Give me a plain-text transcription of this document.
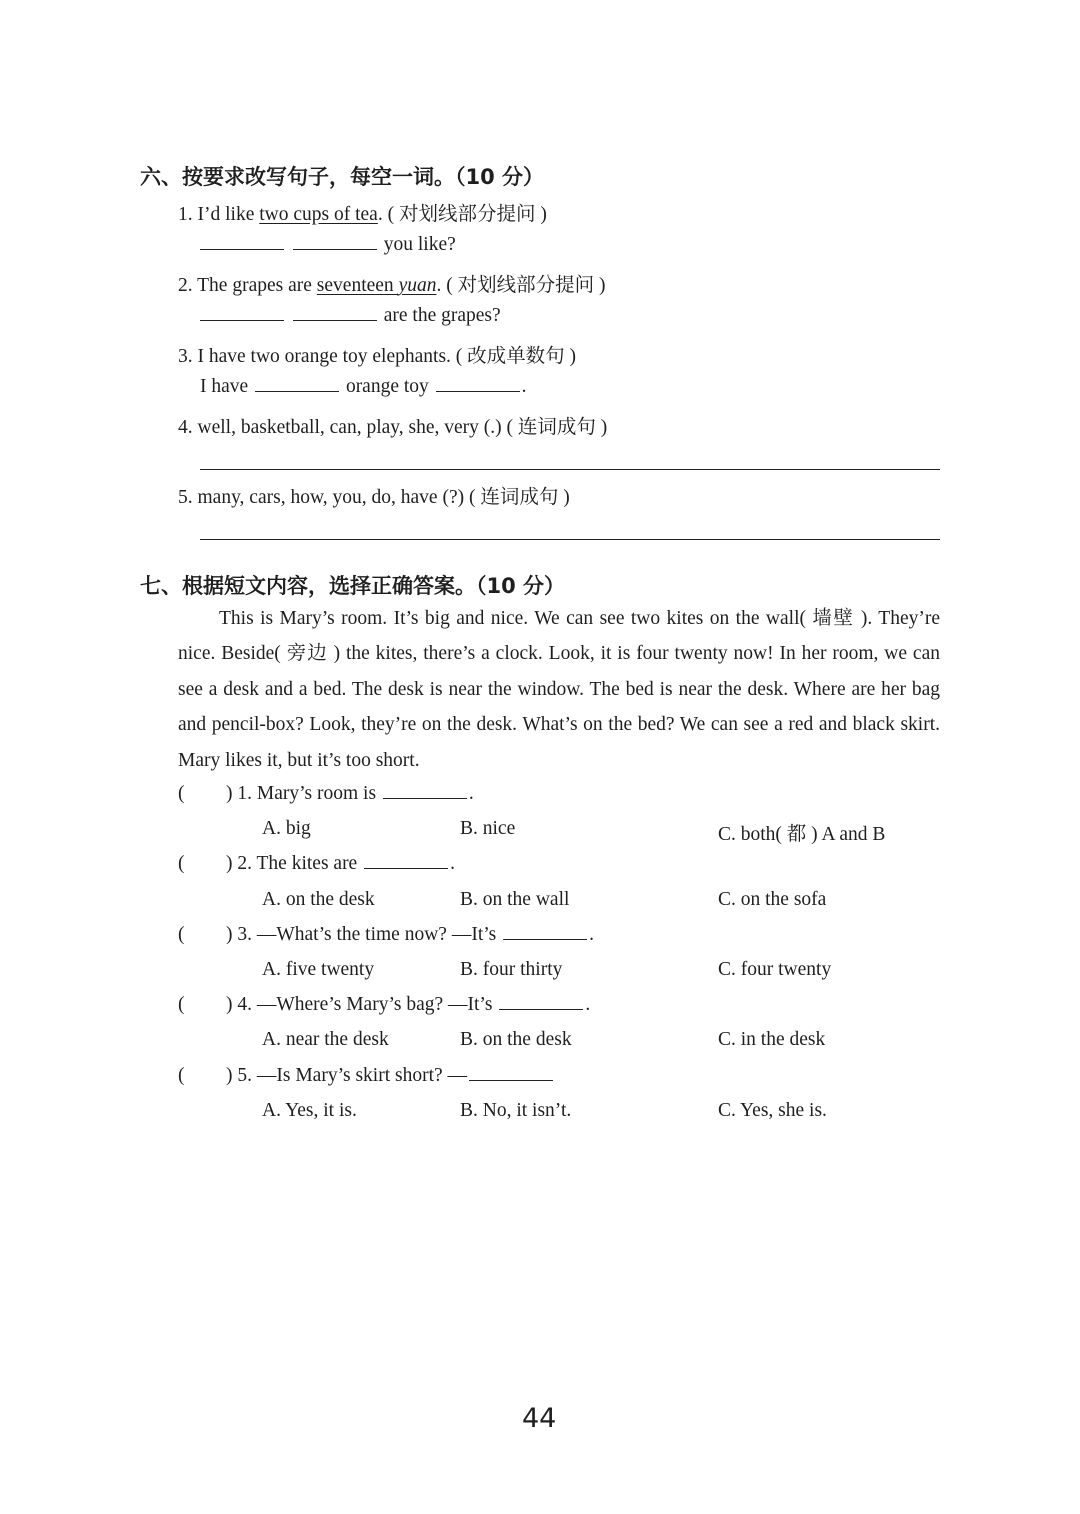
六、按要求改写句子，每空一词。（10 分）
1. I’d like two cups of tea. ( 对划线部分提问 )
you like?
2. The grapes are seventeen yuan. ( 对划线部分提问 )
are the grapes?
3. I have two orange toy elephants. ( 改成单数句 )
I have	orange toy	.
4. well, basketball, can, play, she, very (.) ( 连词成句 )
5. many, cars, how, you, do, have (?) ( 连词成句 )
七、根据短文内容，选择正确答案。（10 分）
This is Mary’s room. It’s big and nice. We can see two kites on the wall( 墙壁 ). They’re nice. Beside( 旁边 ) the kites, there’s a clock. Look, it is four twenty now! In her room, we can see a desk and a bed. The desk is near the window. The bed is near the desk. Where are her bag and pencil-box? Look, they’re on the desk. What’s on the bed? We can see a red and black skirt. Mary likes it, but it’s too short.
( ) 1. Mary’s room is	.
A. big	B. nice	C. both( 都 ) A and B
( ) 2. The kites are	.
A. on the desk	B. on the wall	C. on the sofa
( ) 3. —What’s the time now? —It’s	.
A. five twenty	B. four thirty	C. four twenty
( ) 4. —Where’s Mary’s bag? —It’s	.
A. near the desk	B. on the desk	C. in the desk
( ) 5. —Is Mary’s skirt short? —
A. Yes, it is.	B. No, it isn’t.	C. Yes, she is.
44
